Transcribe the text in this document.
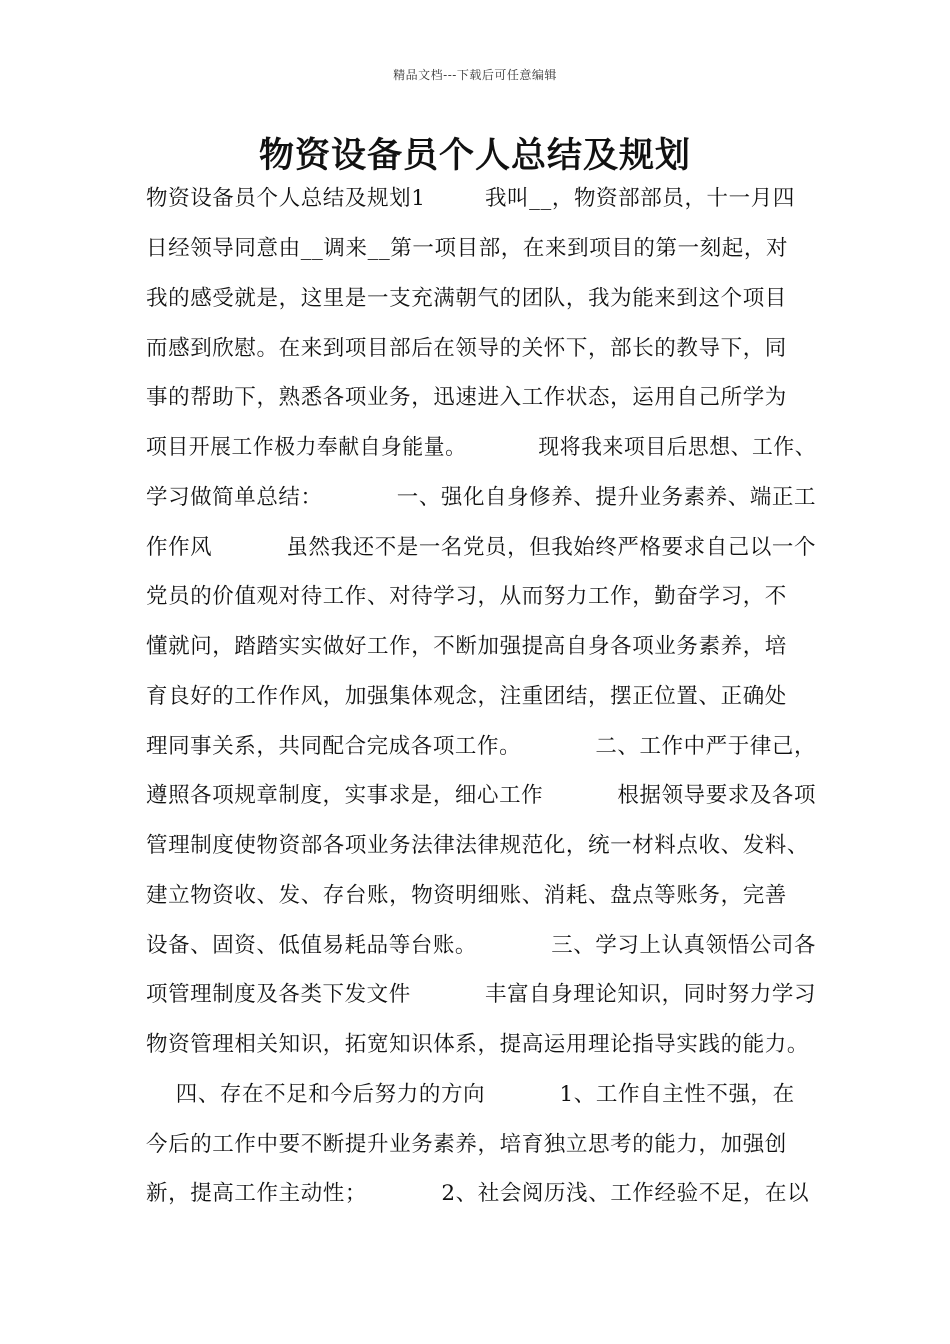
精品文档---下载后可任意编辑
物资设备员个人总结及规划
物资设备员个人总结及规划1        我叫__，物资部部员，十一月四
日经领导同意由__调来__第一项目部，在来到项目的第一刻起，对
我的感受就是，这里是一支充满朝气的团队，我为能来到这个项目
而感到欣慰。在来到项目部后在领导的关怀下，部长的教导下，同
事的帮助下，熟悉各项业务，迅速进入工作状态，运用自己所学为
项目开展工作极力奉献自身能量。          现将我来项目后思想、工作、
学习做简单总结：          一、强化自身修养、提升业务素养、端正工
作作风          虽然我还不是一名党员，但我始终严格要求自己以一个
党员的价值观对待工作、对待学习，从而努力工作，勤奋学习，不
懂就问，踏踏实实做好工作，不断加强提高自身各项业务素养，培
育良好的工作作风，加强集体观念，注重团结，摆正位置、正确处
理同事关系，共同配合完成各项工作。          二、工作中严于律己，
遵照各项规章制度，实事求是，细心工作          根据领导要求及各项
管理制度使物资部各项业务法律法律规范化，统一材料点收、发料、
建立物资收、发、存台账，物资明细账、消耗、盘点等账务，完善
设备、固资、低值易耗品等台账。          三、学习上认真领悟公司各
项管理制度及各类下发文件          丰富自身理论知识，同时努力学习
物资管理相关知识，拓宽知识体系，提高运用理论指导实践的能力。
四、存在不足和今后努力的方向          1、工作自主性不强，在
今后的工作中要不断提升业务素养，培育独立思考的能力，加强创
新，提高工作主动性；          2、社会阅历浅、工作经验不足，在以
